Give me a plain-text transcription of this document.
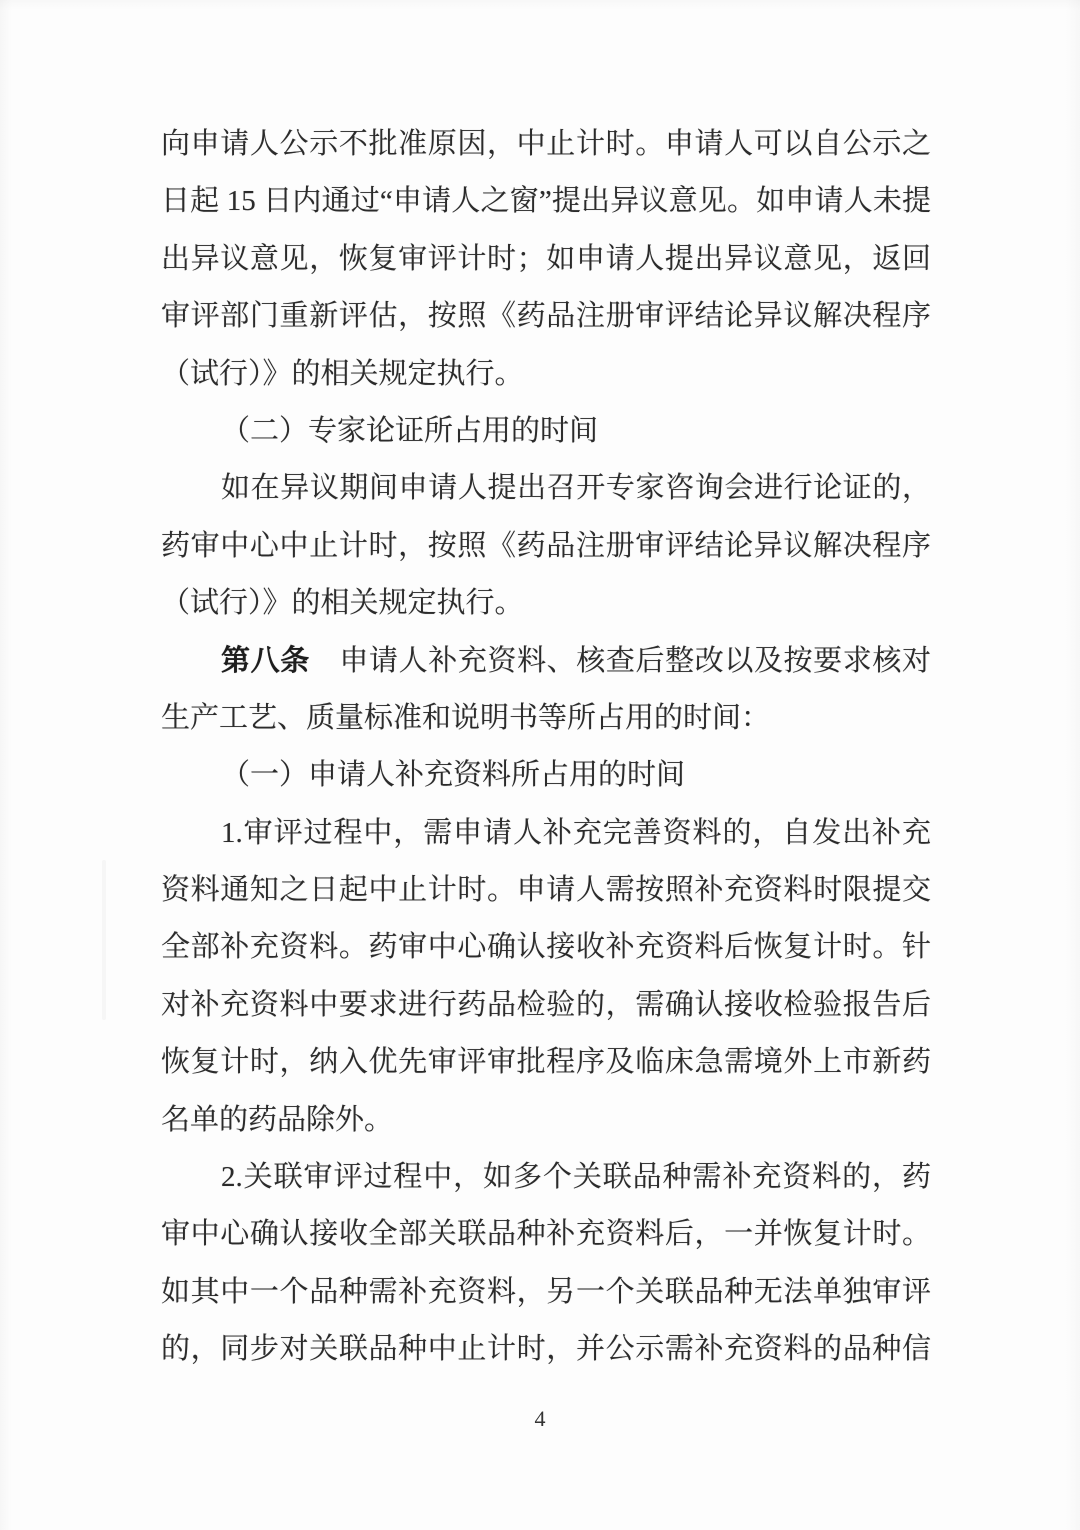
向申请人公示不批准原因，中止计时。申请人可以自公示之
日起 15 日内通过“申请人之窗”提出异议意见。如申请人未提
出异议意见，恢复审评计时；如申请人提出异议意见，返回
审评部门重新评估，按照《药品注册审评结论异议解决程序
（试行）》的相关规定执行。
（二）专家论证所占用的时间
如在异议期间申请人提出召开专家咨询会进行论证的，
药审中心中止计时，按照《药品注册审评结论异议解决程序
（试行）》的相关规定执行。
第八条　申请人补充资料、核查后整改以及按要求核对
生产工艺、质量标准和说明书等所占用的时间：
（一）申请人补充资料所占用的时间
1.审评过程中，需申请人补充完善资料的，自发出补充
资料通知之日起中止计时。申请人需按照补充资料时限提交
全部补充资料。药审中心确认接收补充资料后恢复计时。针
对补充资料中要求进行药品检验的，需确认接收检验报告后
恢复计时，纳入优先审评审批程序及临床急需境外上市新药
名单的药品除外。
2.关联审评过程中，如多个关联品种需补充资料的，药
审中心确认接收全部关联品种补充资料后，一并恢复计时。
如其中一个品种需补充资料，另一个关联品种无法单独审评
的，同步对关联品种中止计时，并公示需补充资料的品种信
4
